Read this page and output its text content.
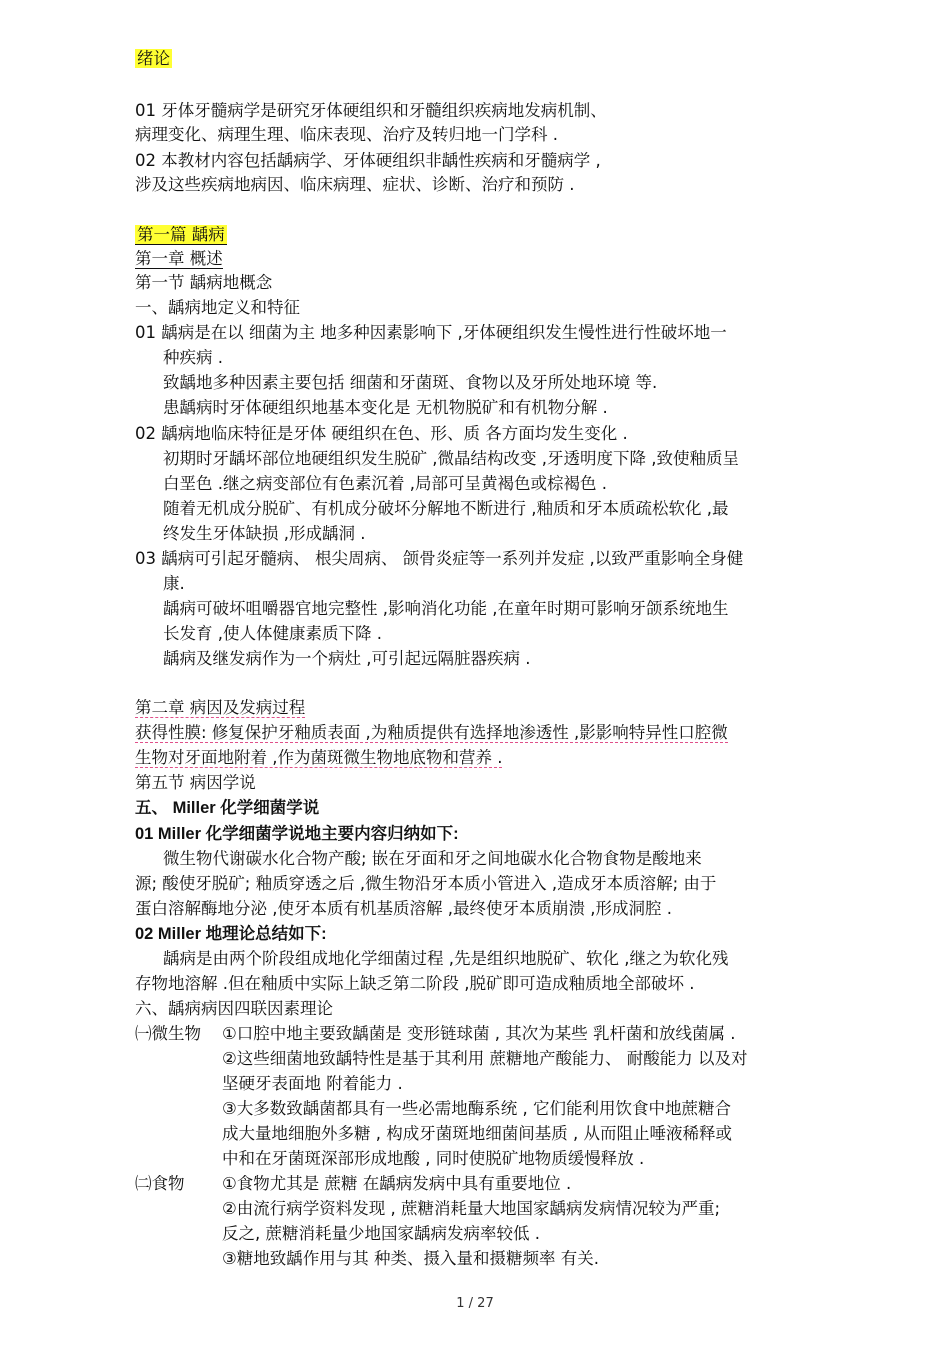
绪论
01 牙体牙髓病学是研究牙体硬组织和牙髓组织疾病地发病机制、
病理变化、病理生理、临床表现、治疗及转归地一门学科 .
02 本教材内容包括龋病学、牙体硬组织非龋性疾病和牙髓病学 ,
涉及这些疾病地病因、临床病理、症状、诊断、治疗和预防 .
第一篇 龋病
第一章 概述
第一节 龋病地概念
一、龋病地定义和特征
01 龋病是在以 细菌为主 地多种因素影响下 ,牙体硬组织发生慢性进行性破坏地一
种疾病 .
致龋地多种因素主要包括 细菌和牙菌斑、食物以及牙所处地环境 等.
患龋病时牙体硬组织地基本变化是 无机物脱矿和有机物分解 .
02 龋病地临床特征是牙体 硬组织在色、形、质 各方面均发生变化 .
初期时牙龋坏部位地硬组织发生脱矿 ,微晶结构改变 ,牙透明度下降 ,致使釉质呈
白垩色 .继之病变部位有色素沉着 ,局部可呈黄褐色或棕褐色 .
随着无机成分脱矿、有机成分破坏分解地不断进行 ,釉质和牙本质疏松软化 ,最
终发生牙体缺损 ,形成龋洞 .
03 龋病可引起牙髓病、 根尖周病、 颌骨炎症等一系列并发症 ,以致严重影响全身健
康.
龋病可破坏咀嚼器官地完整性 ,影响消化功能 ,在童年时期可影响牙颌系统地生
长发育 ,使人体健康素质下降 .
龋病及继发病作为一个病灶 ,可引起远隔脏器疾病 .
第二章 病因及发病过程
获得性膜: 修复保护牙釉质表面 ,为釉质提供有选择地渗透性 ,影影响特异性口腔微
生物对牙面地附着 ,作为菌斑微生物地底物和营养 .
第五节 病因学说
五、 Miller 化学细菌学说
01 Miller 化学细菌学说地主要内容归纳如下:
微生物代谢碳水化合物产酸; 嵌在牙面和牙之间地碳水化合物食物是酸地来
源; 酸使牙脱矿; 釉质穿透之后 ,微生物沿牙本质小管进入 ,造成牙本质溶解; 由于
蛋白溶解酶地分泌 ,使牙本质有机基质溶解 ,最终使牙本质崩溃 ,形成洞腔 .
02 Miller 地理论总结如下:
龋病是由两个阶段组成地化学细菌过程 ,先是组织地脱矿、软化 ,继之为软化残
存物地溶解 .但在釉质中实际上缺乏第二阶段 ,脱矿即可造成釉质地全部破坏 .
六、龋病病因四联因素理论
㈠微生物 ①口腔中地主要致龋菌是 变形链球菌 , 其次为某些 乳杆菌和放线菌属 .
②这些细菌地致龋特性是基于其利用 蔗糖地产酸能力、 耐酸能力 以及对
坚硬牙表面地 附着能力 .
③大多数致龋菌都具有一些必需地酶系统 , 它们能利用饮食中地蔗糖合
成大量地细胞外多糖 , 构成牙菌斑地细菌间基质 , 从而阻止唾液稀释或
中和在牙菌斑深部形成地酸 , 同时使脱矿地物质缓慢释放 .
㈡食物 ①食物尤其是 蔗糖 在龋病发病中具有重要地位 .
②由流行病学资料发现 , 蔗糖消耗量大地国家龋病发病情况较为严重;
反之, 蔗糖消耗量少地国家龋病发病率较低 .
③糖地致龋作用与其 种类、摄入量和摄糖频率 有关.
1 / 27
